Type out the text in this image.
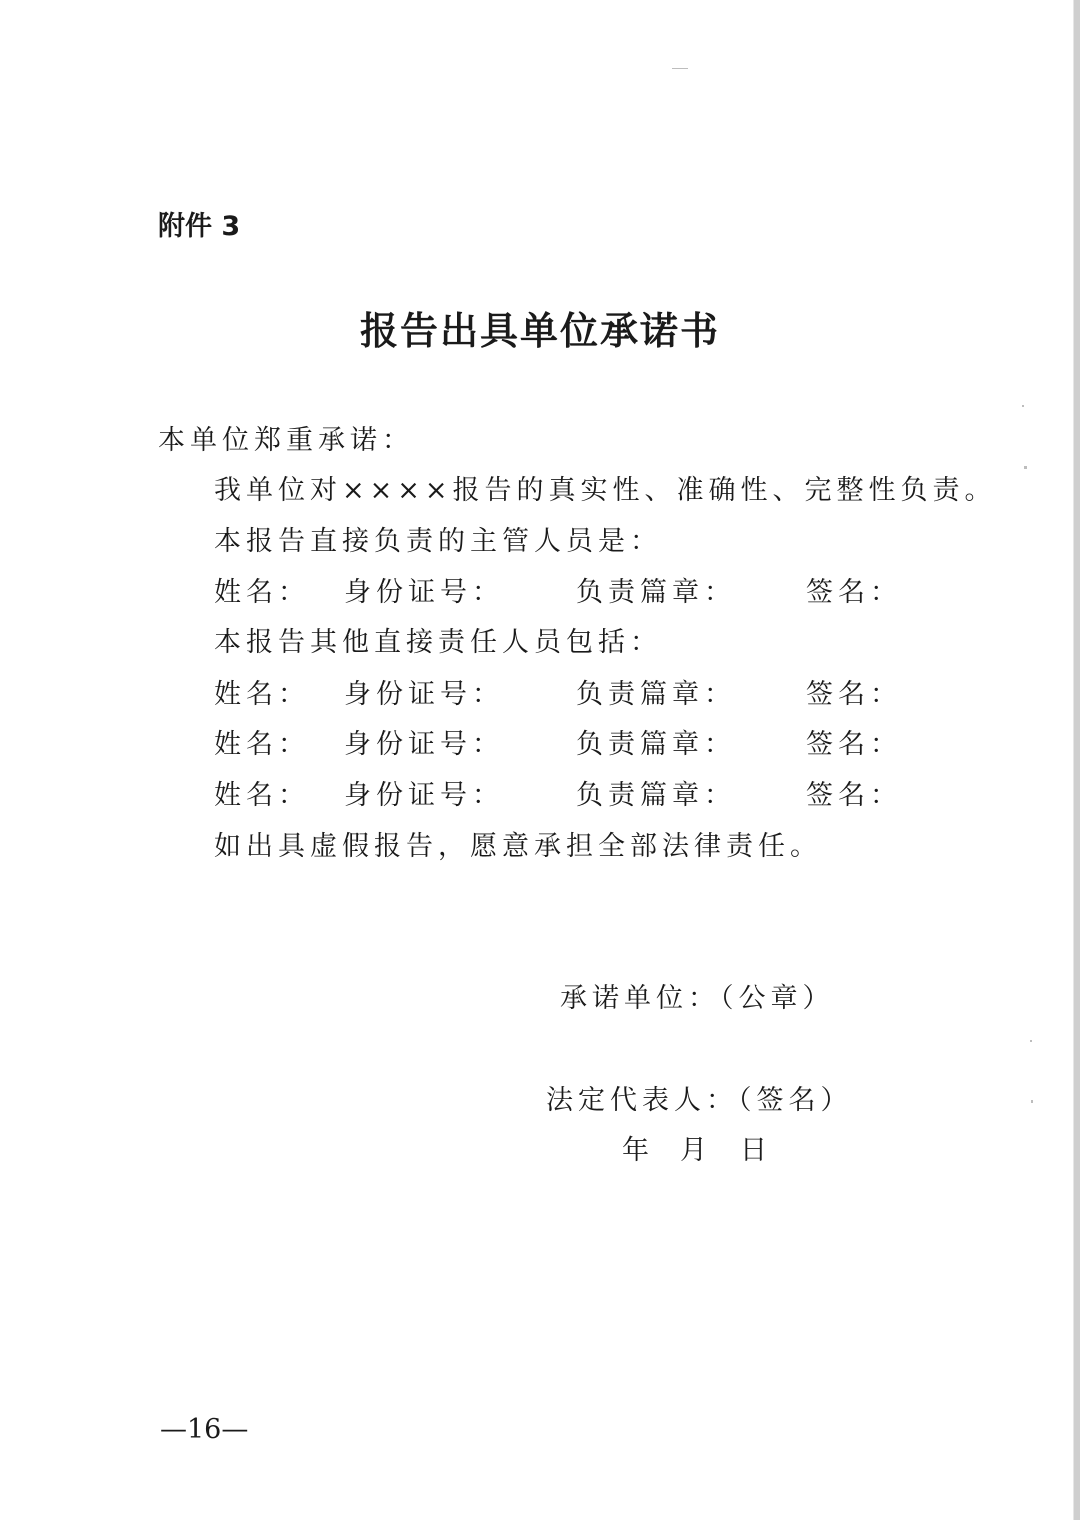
附件 3
报告出具单位承诺书
本单位郑重承诺：
我单位对××××报告的真实性、准确性、完整性负责。
本报告直接负责的主管人员是：
姓名： 身份证号：	负责篇章：	签名：
本报告其他直接责任人员包括：
姓名： 身份证号：	负责篇章：	签名：
姓名： 身份证号：	负责篇章：	签名：
姓名： 身份证号：	负责篇章：	签名：
如出具虚假报告，愿意承担全部法律责任。
承诺单位：（公章）
法定代表人：（签名）
年 月 日
—16—
